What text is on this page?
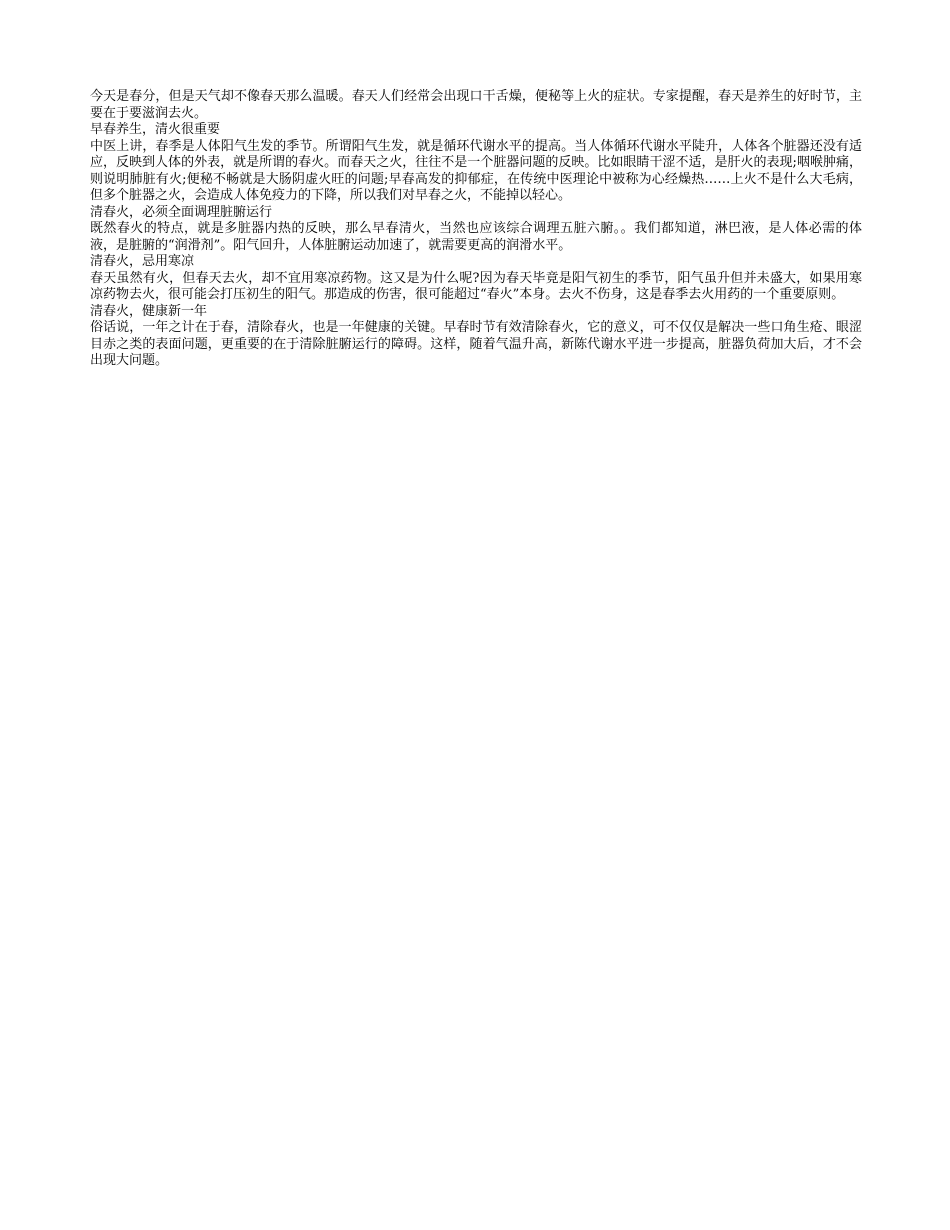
今天是春分，但是天气却不像春天那么温暖。春天人们经常会出现口干舌燥，便秘等上火的症状。专家提醒，春天是养生的好时节，主要在于要滋润去火。

早春养生，清火很重要

中医上讲，春季是人体阳气生发的季节。所谓阳气生发，就是循环代谢水平的提高。当人体循环代谢水平陡升，人体各个脏器还没有适应，反映到人体的外表，就是所谓的春火。而春天之火，往往不是一个脏器问题的反映。比如眼睛干涩不适，是肝火的表现;咽喉肿痛，则说明肺脏有火;便秘不畅就是大肠阴虚火旺的问题;早春高发的抑郁症，在传统中医理论中被称为心经燥热……上火不是什么大毛病，但多个脏器之火，会造成人体免疫力的下降，所以我们对早春之火，不能掉以轻心。

清春火，必须全面调理脏腑运行

既然春火的特点，就是多脏器内热的反映，那么早春清火，当然也应该综合调理五脏六腑。。我们都知道，淋巴液，是人体必需的体液，是脏腑的“润滑剂”。阳气回升，人体脏腑运动加速了，就需要更高的润滑水平。

清春火，忌用寒凉

春天虽然有火，但春天去火，却不宜用寒凉药物。这又是为什么呢?因为春天毕竟是阳气初生的季节，阳气虽升但并未盛大，如果用寒凉药物去火，很可能会打压初生的阳气。那造成的伤害，很可能超过“春火”本身。去火不伤身，这是春季去火用药的一个重要原则。

清春火，健康新一年

俗话说，一年之计在于春，清除春火，也是一年健康的关键。早春时节有效清除春火，它的意义，可不仅仅是解决一些口角生疮、眼涩目赤之类的表面问题，更重要的在于清除脏腑运行的障碍。这样，随着气温升高，新陈代谢水平进一步提高，脏器负荷加大后，才不会出现大问题。
